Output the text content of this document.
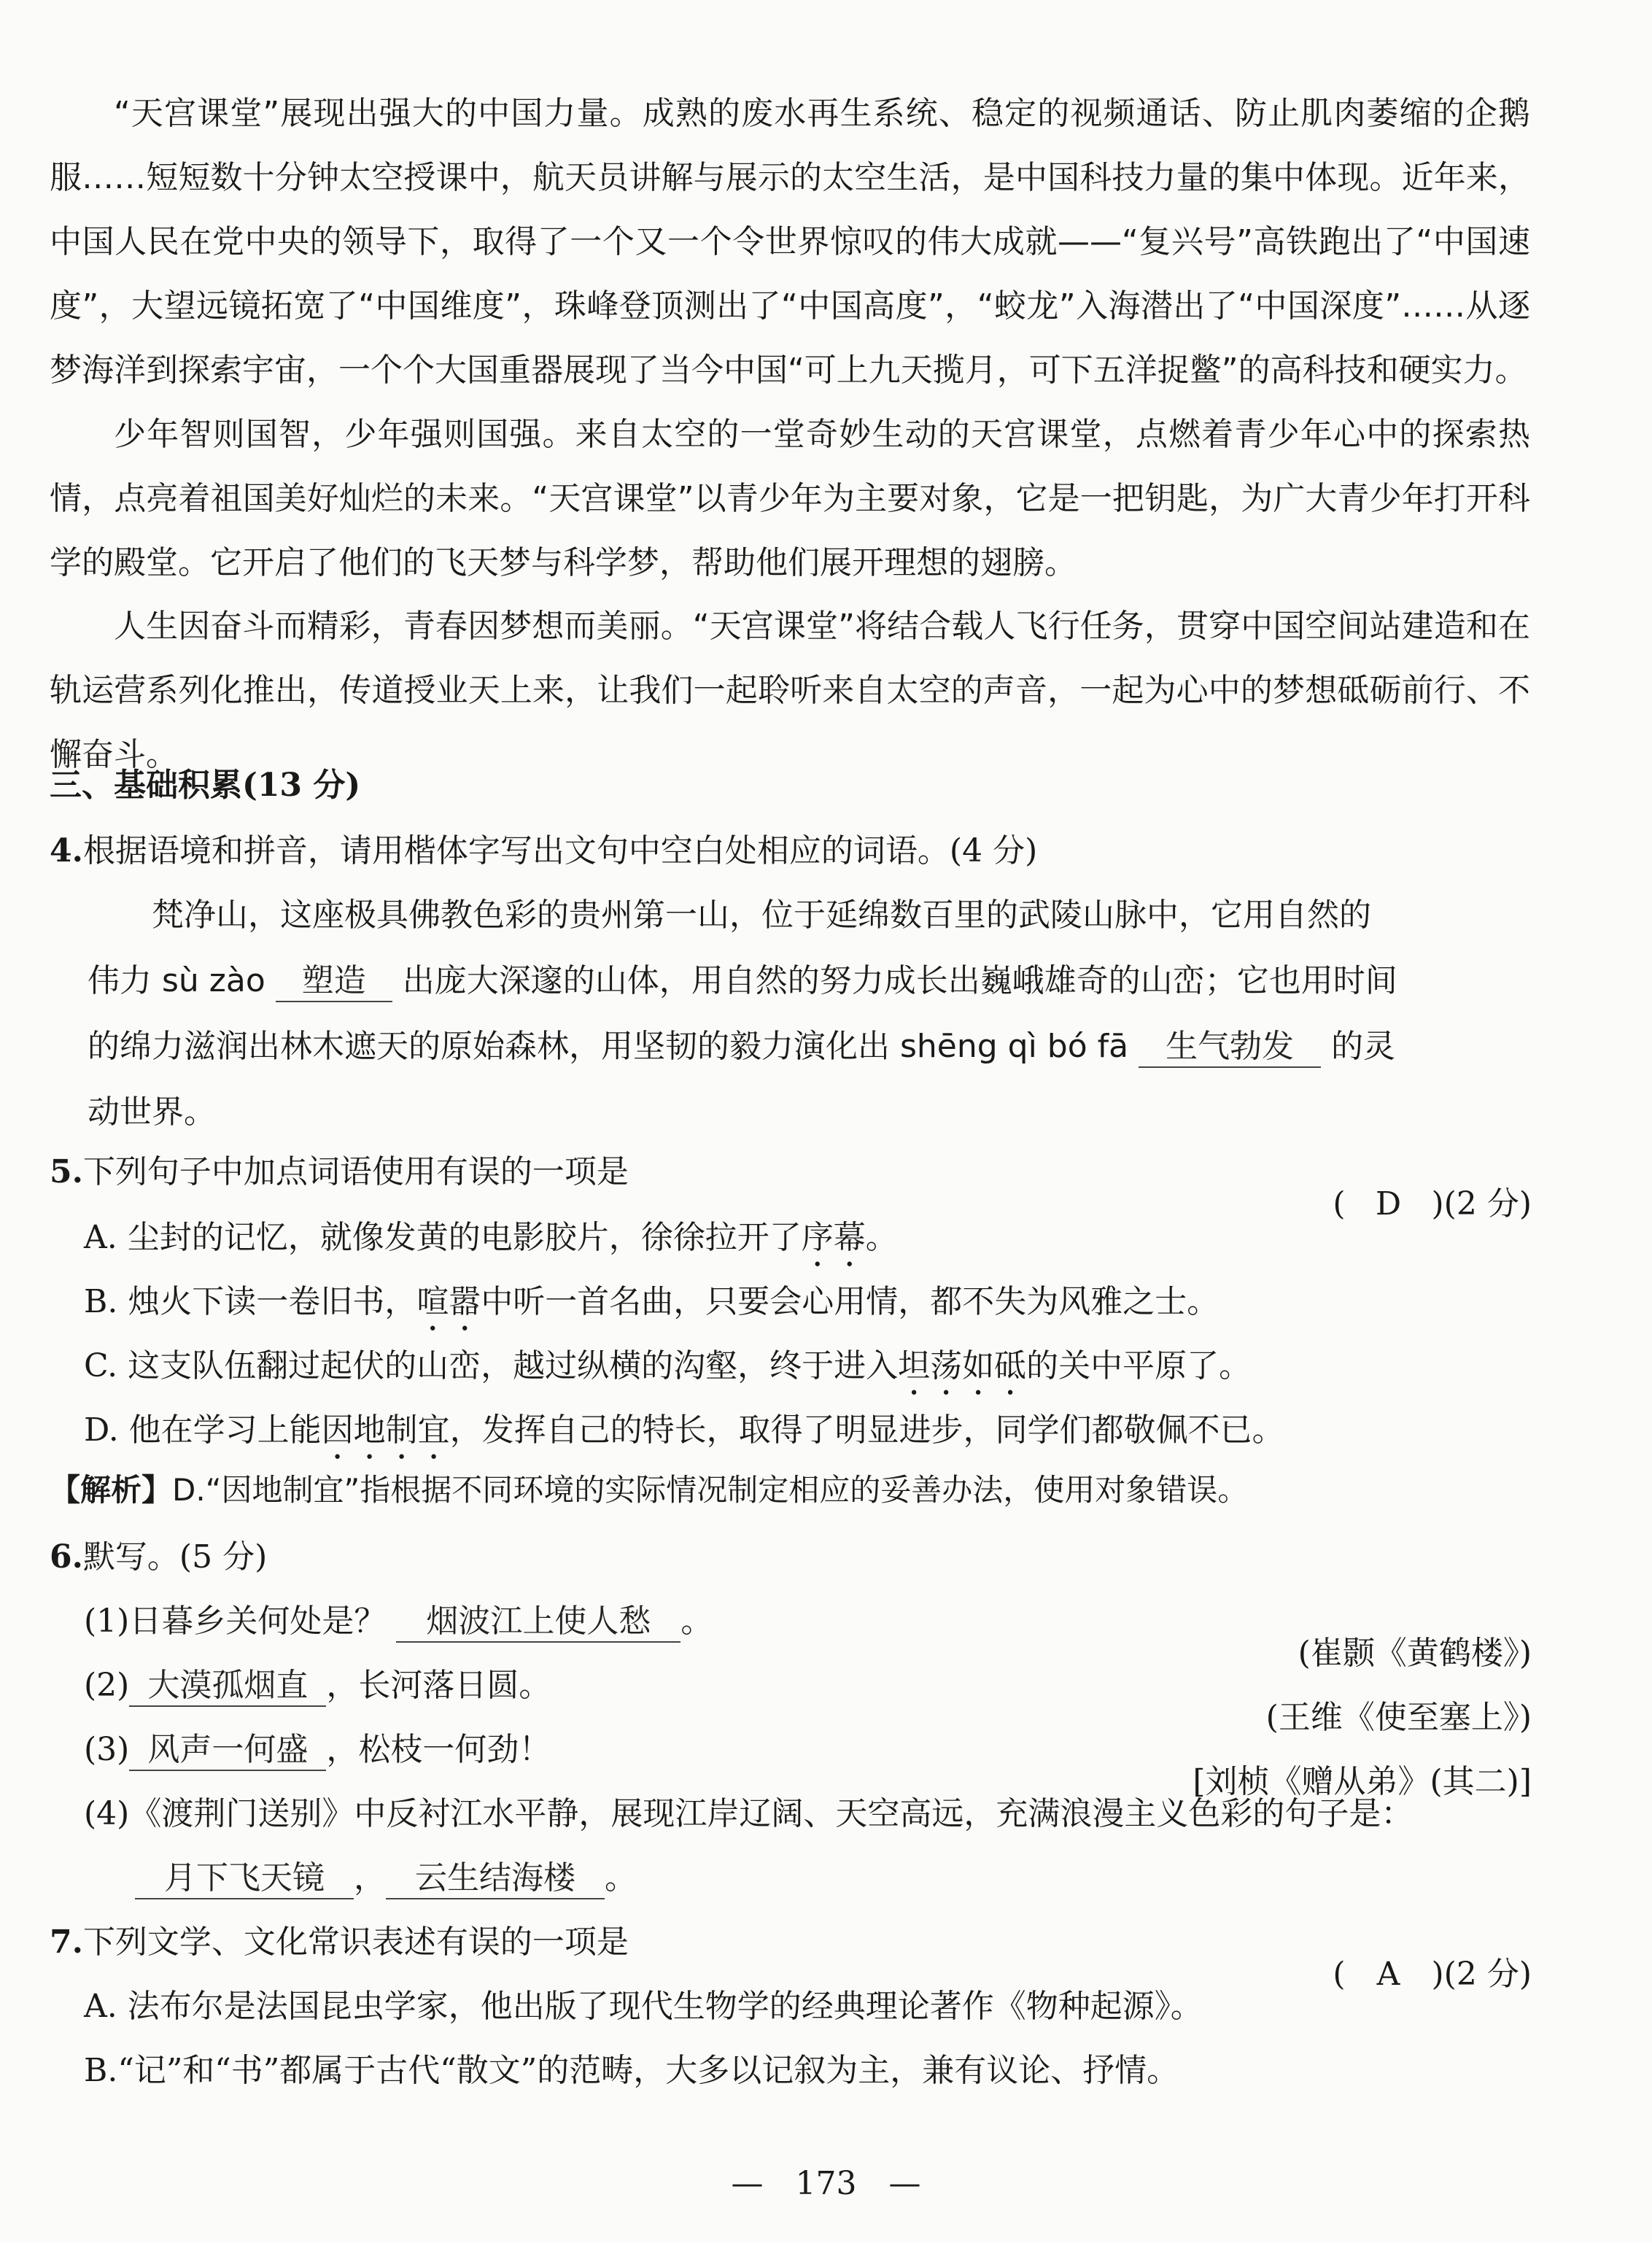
“天宫课堂”展现出强大的中国力量。成熟的废水再生系统、稳定的视频通话、防止肌肉萎缩的企鹅服……短短数十分钟太空授课中，航天员讲解与展示的太空生活，是中国科技力量的集中体现。近年来，中国人民在党中央的领导下，取得了一个又一个令世界惊叹的伟大成就——“复兴号”高铁跑出了“中国速度”，大望远镜拓宽了“中国维度”，珠峰登顶测出了“中国高度”，“蛟龙”入海潜出了“中国深度”……从逐梦海洋到探索宇宙，一个个大国重器展现了当今中国“可上九天揽月，可下五洋捉鳖”的高科技和硬实力。

少年智则国智，少年强则国强。来自太空的一堂奇妙生动的天宫课堂，点燃着青少年心中的探索热情，点亮着祖国美好灿烂的未来。“天宫课堂”以青少年为主要对象，它是一把钥匙，为广大青少年打开科学的殿堂。它开启了他们的飞天梦与科学梦，帮助他们展开理想的翅膀。

人生因奋斗而精彩，青春因梦想而美丽。“天宫课堂”将结合载人飞行任务，贯穿中国空间站建造和在轨运营系列化推出，传道授业天上来，让我们一起聆听来自太空的声音，一起为心中的梦想砥砺前行、不懈奋斗。

三、基础积累(13 分)

4.根据语境和拼音，请用楷体字写出文句中空白处相应的词语。(4 分)

梵净山，这座极具佛教色彩的贵州第一山，位于延绵数百里的武陵山脉中，它用自然的

伟力 sù zào 塑造 出庞大深邃的山体，用自然的努力成长出巍峨雄奇的山峦；它也用时间

的绵力滋润出林木遮天的原始森林，用坚韧的毅力演化出 shēng qì bó fā 生气勃发 的灵

动世界。

5.下列句子中加点词语使用有误的一项是

( D )(2 分)

A. 尘封的记忆，就像发黄的电影胶片，徐徐拉开了序幕。

B. 烛火下读一卷旧书，喧嚣中听一首名曲，只要会心用情，都不失为风雅之士。

C. 这支队伍翻过起伏的山峦，越过纵横的沟壑，终于进入坦荡如砥的关中平原了。

D. 他在学习上能因地制宜，发挥自己的特长，取得了明显进步，同学们都敬佩不已。

【解析】D.“因地制宜”指根据不同环境的实际情况制定相应的妥善办法，使用对象错误。

6.默写。(5 分)

(1)日暮乡关何处是？ 烟波江上使人愁 。

(崔颢《黄鹤楼》)

(2) 大漠孤烟直 ，长河落日圆。

(王维《使至塞上》)

(3) 风声一何盛 ，松枝一何劲！

[刘桢《赠从弟》(其二)]

(4)《渡荆门送别》中反衬江水平静，展现江岸辽阔、天空高远，充满浪漫主义色彩的句子是：

月下飞天镜 ， 云生结海楼 。

7.下列文学、文化常识表述有误的一项是

( A )(2 分)

A. 法布尔是法国昆虫学家，他出版了现代生物学的经典理论著作《物种起源》。

B.“记”和“书”都属于古代“散文”的范畴，大多以记叙为主，兼有议论、抒情。

— 173 —
